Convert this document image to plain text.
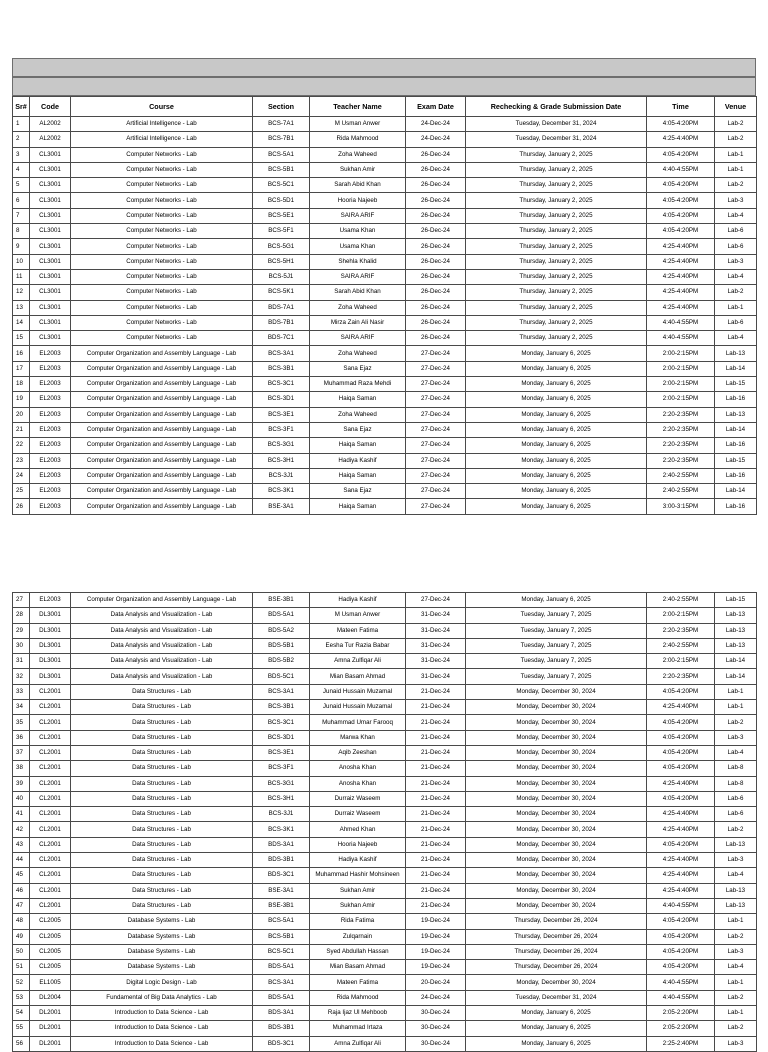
Sr#	Code	Course	Section	Teacher Name	Exam Date	Rechecking & Grade Submission Date	Time	Venue
1	AL2002	Artificial Intelligence - Lab	BCS-7A1	M Usman Anwer	24-Dec-24	Tuesday, December 31, 2024	4:05-4:20PM	Lab-2
2	AL2002	Artificial Intelligence - Lab	BCS-7B1	Rida Mahmood	24-Dec-24	Tuesday, December 31, 2024	4:25-4:40PM	Lab-2
3	CL3001	Computer Networks - Lab	BCS-5A1	Zoha Waheed	26-Dec-24	Thursday, January 2, 2025	4:05-4:20PM	Lab-1
4	CL3001	Computer Networks - Lab	BCS-5B1	Sukhan Amir	26-Dec-24	Thursday, January 2, 2025	4:40-4:55PM	Lab-1
5	CL3001	Computer Networks - Lab	BCS-5C1	Sarah Abid Khan	26-Dec-24	Thursday, January 2, 2025	4:05-4:20PM	Lab-2
6	CL3001	Computer Networks - Lab	BCS-5D1	Hooria Najeeb	26-Dec-24	Thursday, January 2, 2025	4:05-4:20PM	Lab-3
7	CL3001	Computer Networks - Lab	BCS-5E1	SAIRA ARIF	26-Dec-24	Thursday, January 2, 2025	4:05-4:20PM	Lab-4
8	CL3001	Computer Networks - Lab	BCS-5F1	Usama Khan	26-Dec-24	Thursday, January 2, 2025	4:05-4:20PM	Lab-6
9	CL3001	Computer Networks - Lab	BCS-5G1	Usama Khan	26-Dec-24	Thursday, January 2, 2025	4:25-4:40PM	Lab-6
10	CL3001	Computer Networks - Lab	BCS-5H1	Shehla Khalid	26-Dec-24	Thursday, January 2, 2025	4:25-4:40PM	Lab-3
11	CL3001	Computer Networks - Lab	BCS-5J1	SAIRA ARIF	26-Dec-24	Thursday, January 2, 2025	4:25-4:40PM	Lab-4
12	CL3001	Computer Networks - Lab	BCS-5K1	Sarah Abid Khan	26-Dec-24	Thursday, January 2, 2025	4:25-4:40PM	Lab-2
13	CL3001	Computer Networks - Lab	BDS-7A1	Zoha Waheed	26-Dec-24	Thursday, January 2, 2025	4:25-4:40PM	Lab-1
14	CL3001	Computer Networks - Lab	BDS-7B1	Mirza Zain Ali Nasir	26-Dec-24	Thursday, January 2, 2025	4:40-4:55PM	Lab-6
15	CL3001	Computer Networks - Lab	BDS-7C1	SAIRA ARIF	26-Dec-24	Thursday, January 2, 2025	4:40-4:55PM	Lab-4
16	EL2003	Computer Organization and Assembly Language - Lab	BCS-3A1	Zoha Waheed	27-Dec-24	Monday, January 6, 2025	2:00-2:15PM	Lab-13
17	EL2003	Computer Organization and Assembly Language - Lab	BCS-3B1	Sana Ejaz	27-Dec-24	Monday, January 6, 2025	2:00-2:15PM	Lab-14
18	EL2003	Computer Organization and Assembly Language - Lab	BCS-3C1	Muhammad Raza Mehdi	27-Dec-24	Monday, January 6, 2025	2:00-2:15PM	Lab-15
19	EL2003	Computer Organization and Assembly Language - Lab	BCS-3D1	Haiqa Saman	27-Dec-24	Monday, January 6, 2025	2:00-2:15PM	Lab-16
20	EL2003	Computer Organization and Assembly Language - Lab	BCS-3E1	Zoha Waheed	27-Dec-24	Monday, January 6, 2025	2:20-2:35PM	Lab-13
21	EL2003	Computer Organization and Assembly Language - Lab	BCS-3F1	Sana Ejaz	27-Dec-24	Monday, January 6, 2025	2:20-2:35PM	Lab-14
22	EL2003	Computer Organization and Assembly Language - Lab	BCS-3G1	Haiqa Saman	27-Dec-24	Monday, January 6, 2025	2:20-2:35PM	Lab-16
23	EL2003	Computer Organization and Assembly Language - Lab	BCS-3H1	Hadiya Kashif	27-Dec-24	Monday, January 6, 2025	2:20-2:35PM	Lab-15
24	EL2003	Computer Organization and Assembly Language - Lab	BCS-3J1	Haiqa Saman	27-Dec-24	Monday, January 6, 2025	2:40-2:55PM	Lab-16
25	EL2003	Computer Organization and Assembly Language - Lab	BCS-3K1	Sana Ejaz	27-Dec-24	Monday, January 6, 2025	2:40-2:55PM	Lab-14
26	EL2003	Computer Organization and Assembly Language - Lab	BSE-3A1	Haiqa Saman	27-Dec-24	Monday, January 6, 2025	3:00-3:15PM	Lab-16
27	EL2003	Computer Organization and Assembly Language - Lab	BSE-3B1	Hadiya Kashif	27-Dec-24	Monday, January 6, 2025	2:40-2:55PM	Lab-15
28	DL3001	Data Analysis and Visualization - Lab	BDS-5A1	M Usman Anwer	31-Dec-24	Tuesday, January 7, 2025	2:00-2:15PM	Lab-13
29	DL3001	Data Analysis and Visualization - Lab	BDS-5A2	Mateen Fatima	31-Dec-24	Tuesday, January 7, 2025	2:20-2:35PM	Lab-13
30	DL3001	Data Analysis and Visualization - Lab	BDS-5B1	Eesha Tur Razia Babar	31-Dec-24	Tuesday, January 7, 2025	2:40-2:55PM	Lab-13
31	DL3001	Data Analysis and Visualization - Lab	BDS-5B2	Amna Zulfiqar Ali	31-Dec-24	Tuesday, January 7, 2025	2:00-2:15PM	Lab-14
32	DL3001	Data Analysis and Visualization - Lab	BDS-5C1	Mian Basam Ahmad	31-Dec-24	Tuesday, January 7, 2025	2:20-2:35PM	Lab-14
33	CL2001	Data Structures - Lab	BCS-3A1	Junaid Hussain Muzamal	21-Dec-24	Monday, December 30, 2024	4:05-4:20PM	Lab-1
34	CL2001	Data Structures - Lab	BCS-3B1	Junaid Hussain Muzamal	21-Dec-24	Monday, December 30, 2024	4:25-4:40PM	Lab-1
35	CL2001	Data Structures - Lab	BCS-3C1	Muhammad Umar Farooq	21-Dec-24	Monday, December 30, 2024	4:05-4:20PM	Lab-2
36	CL2001	Data Structures - Lab	BCS-3D1	Marwa Khan	21-Dec-24	Monday, December 30, 2024	4:05-4:20PM	Lab-3
37	CL2001	Data Structures - Lab	BCS-3E1	Aqib Zeeshan	21-Dec-24	Monday, December 30, 2024	4:05-4:20PM	Lab-4
38	CL2001	Data Structures - Lab	BCS-3F1	Anosha Khan	21-Dec-24	Monday, December 30, 2024	4:05-4:20PM	Lab-8
39	CL2001	Data Structures - Lab	BCS-3G1	Anosha Khan	21-Dec-24	Monday, December 30, 2024	4:25-4:40PM	Lab-8
40	CL2001	Data Structures - Lab	BCS-3H1	Durraiz Waseem	21-Dec-24	Monday, December 30, 2024	4:05-4:20PM	Lab-6
41	CL2001	Data Structures - Lab	BCS-3J1	Durraiz Waseem	21-Dec-24	Monday, December 30, 2024	4:25-4:40PM	Lab-6
42	CL2001	Data Structures - Lab	BCS-3K1	Ahmed Khan	21-Dec-24	Monday, December 30, 2024	4:25-4:40PM	Lab-2
43	CL2001	Data Structures - Lab	BDS-3A1	Hooria Najeeb	21-Dec-24	Monday, December 30, 2024	4:05-4:20PM	Lab-13
44	CL2001	Data Structures - Lab	BDS-3B1	Hadiya Kashif	21-Dec-24	Monday, December 30, 2024	4:25-4:40PM	Lab-3
45	CL2001	Data Structures - Lab	BDS-3C1	Muhammad Hashir Mohsineen	21-Dec-24	Monday, December 30, 2024	4:25-4:40PM	Lab-4
46	CL2001	Data Structures - Lab	BSE-3A1	Sukhan Amir	21-Dec-24	Monday, December 30, 2024	4:25-4:40PM	Lab-13
47	CL2001	Data Structures - Lab	BSE-3B1	Sukhan Amir	21-Dec-24	Monday, December 30, 2024	4:40-4:55PM	Lab-13
48	CL2005	Database Systems - Lab	BCS-5A1	Rida Fatima	19-Dec-24	Thursday, December 26, 2024	4:05-4:20PM	Lab-1
49	CL2005	Database Systems - Lab	BCS-5B1	Zulqarnain	19-Dec-24	Thursday, December 26, 2024	4:05-4:20PM	Lab-2
50	CL2005	Database Systems - Lab	BCS-5C1	Syed Abdullah Hassan	19-Dec-24	Thursday, December 26, 2024	4:05-4:20PM	Lab-3
51	CL2005	Database Systems - Lab	BDS-5A1	Mian Basam Ahmad	19-Dec-24	Thursday, December 26, 2024	4:05-4:20PM	Lab-4
52	EL1005	Digital Logic Design - Lab	BCS-3A1	Mateen Fatima	20-Dec-24	Monday, December 30, 2024	4:40-4:55PM	Lab-1
53	DL2004	Fundamental of Big Data Analytics - Lab	BDS-5A1	Rida Mahmood	24-Dec-24	Tuesday, December 31, 2024	4:40-4:55PM	Lab-2
54	DL2001	Introduction to Data Science - Lab	BDS-3A1	Raja Ijaz Ul Mehboob	30-Dec-24	Monday, January 6, 2025	2:05-2:20PM	Lab-1
55	DL2001	Introduction to Data Science - Lab	BDS-3B1	Muhammad Irtaza	30-Dec-24	Monday, January 6, 2025	2:05-2:20PM	Lab-2
56	DL2001	Introduction to Data Science - Lab	BDS-3C1	Amna Zulfiqar Ali	30-Dec-24	Monday, January 6, 2025	2:25-2:40PM	Lab-3
